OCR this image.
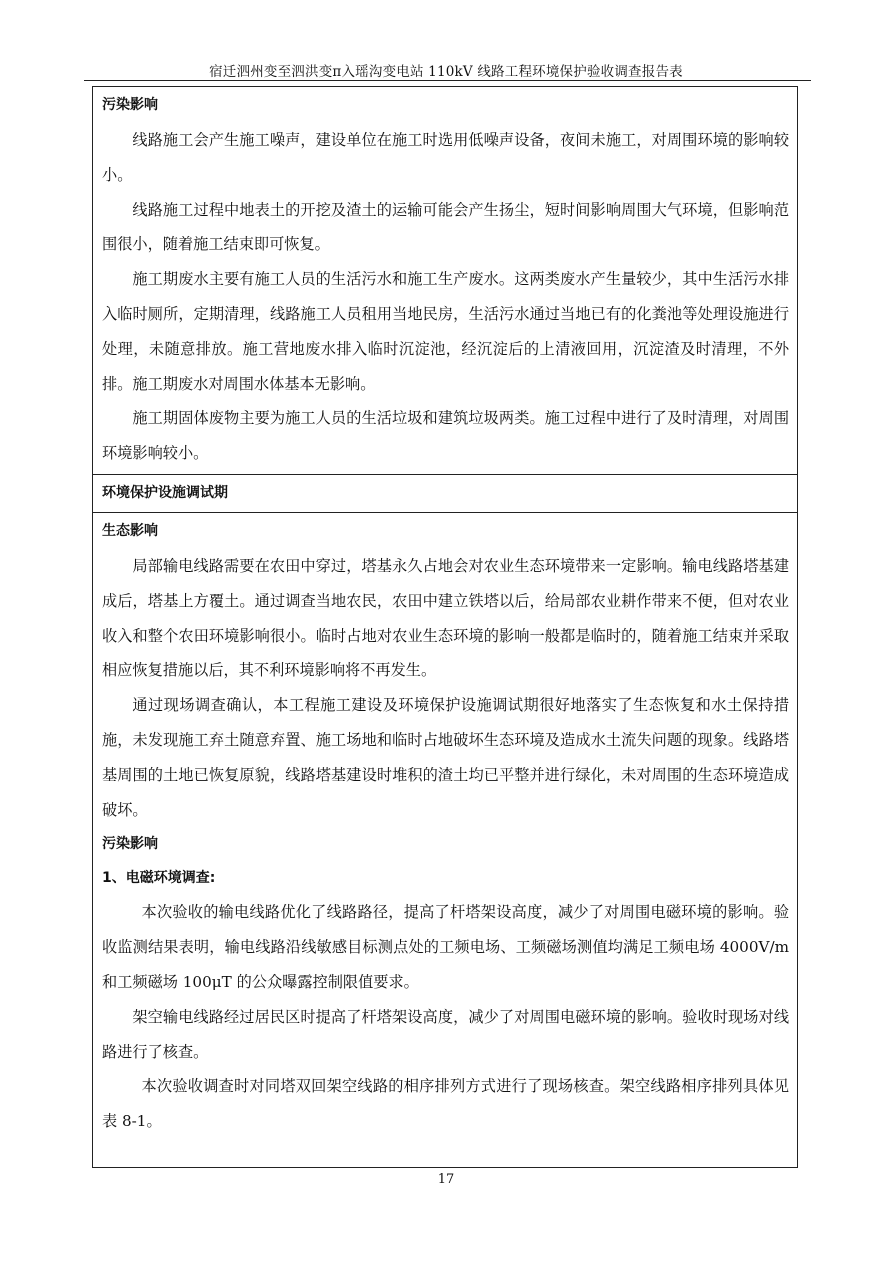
宿迁泗州变至泗洪变π入瑶沟变电站 110kV 线路工程环境保护验收调查报告表
污染影响

线路施工会产生施工噪声，建设单位在施工时选用低噪声设备，夜间未施工，对周围环境的影响较小。

线路施工过程中地表土的开挖及渣土的运输可能会产生扬尘，短时间影响周围大气环境，但影响范围很小，随着施工结束即可恢复。

施工期废水主要有施工人员的生活污水和施工生产废水。这两类废水产生量较少，其中生活污水排入临时厕所，定期清理，线路施工人员租用当地民房，生活污水通过当地已有的化粪池等处理设施进行处理，未随意排放。施工营地废水排入临时沉淀池，经沉淀后的上清液回用，沉淀渣及时清理，不外排。施工期废水对周围水体基本无影响。

施工期固体废物主要为施工人员的生活垃圾和建筑垃圾两类。施工过程中进行了及时清理，对周围环境影响较小。

环境保护设施调试期
生态影响

局部输电线路需要在农田中穿过，塔基永久占地会对农业生态环境带来一定影响。输电线路塔基建成后，塔基上方覆土。通过调查当地农民，农田中建立铁塔以后，给局部农业耕作带来不便，但对农业收入和整个农田环境影响很小。临时占地对农业生态环境的影响一般都是临时的，随着施工结束并采取相应恢复措施以后，其不利环境影响将不再发生。

通过现场调查确认，本工程施工建设及环境保护设施调试期很好地落实了生态恢复和水土保持措施，未发现施工弃土随意弃置、施工场地和临时占地破坏生态环境及造成水土流失问题的现象。线路塔基周围的土地已恢复原貌，线路塔基建设时堆积的渣土均已平整并进行绿化，未对周围的生态环境造成破坏。

污染影响
1、电磁环境调查:

本次验收的输电线路优化了线路路径，提高了杆塔架设高度，减少了对周围电磁环境的影响。验收监测结果表明，输电线路沿线敏感目标测点处的工频电场、工频磁场测值均满足工频电场 4000V/m 和工频磁场 100μT 的公众曝露控制限值要求。

架空输电线路经过居民区时提高了杆塔架设高度，减少了对周围电磁环境的影响。验收时现场对线路进行了核查。

本次验收调查时对同塔双回架空线路的相序排列方式进行了现场核查。架空线路相序排列具体见表 8-1。

17
